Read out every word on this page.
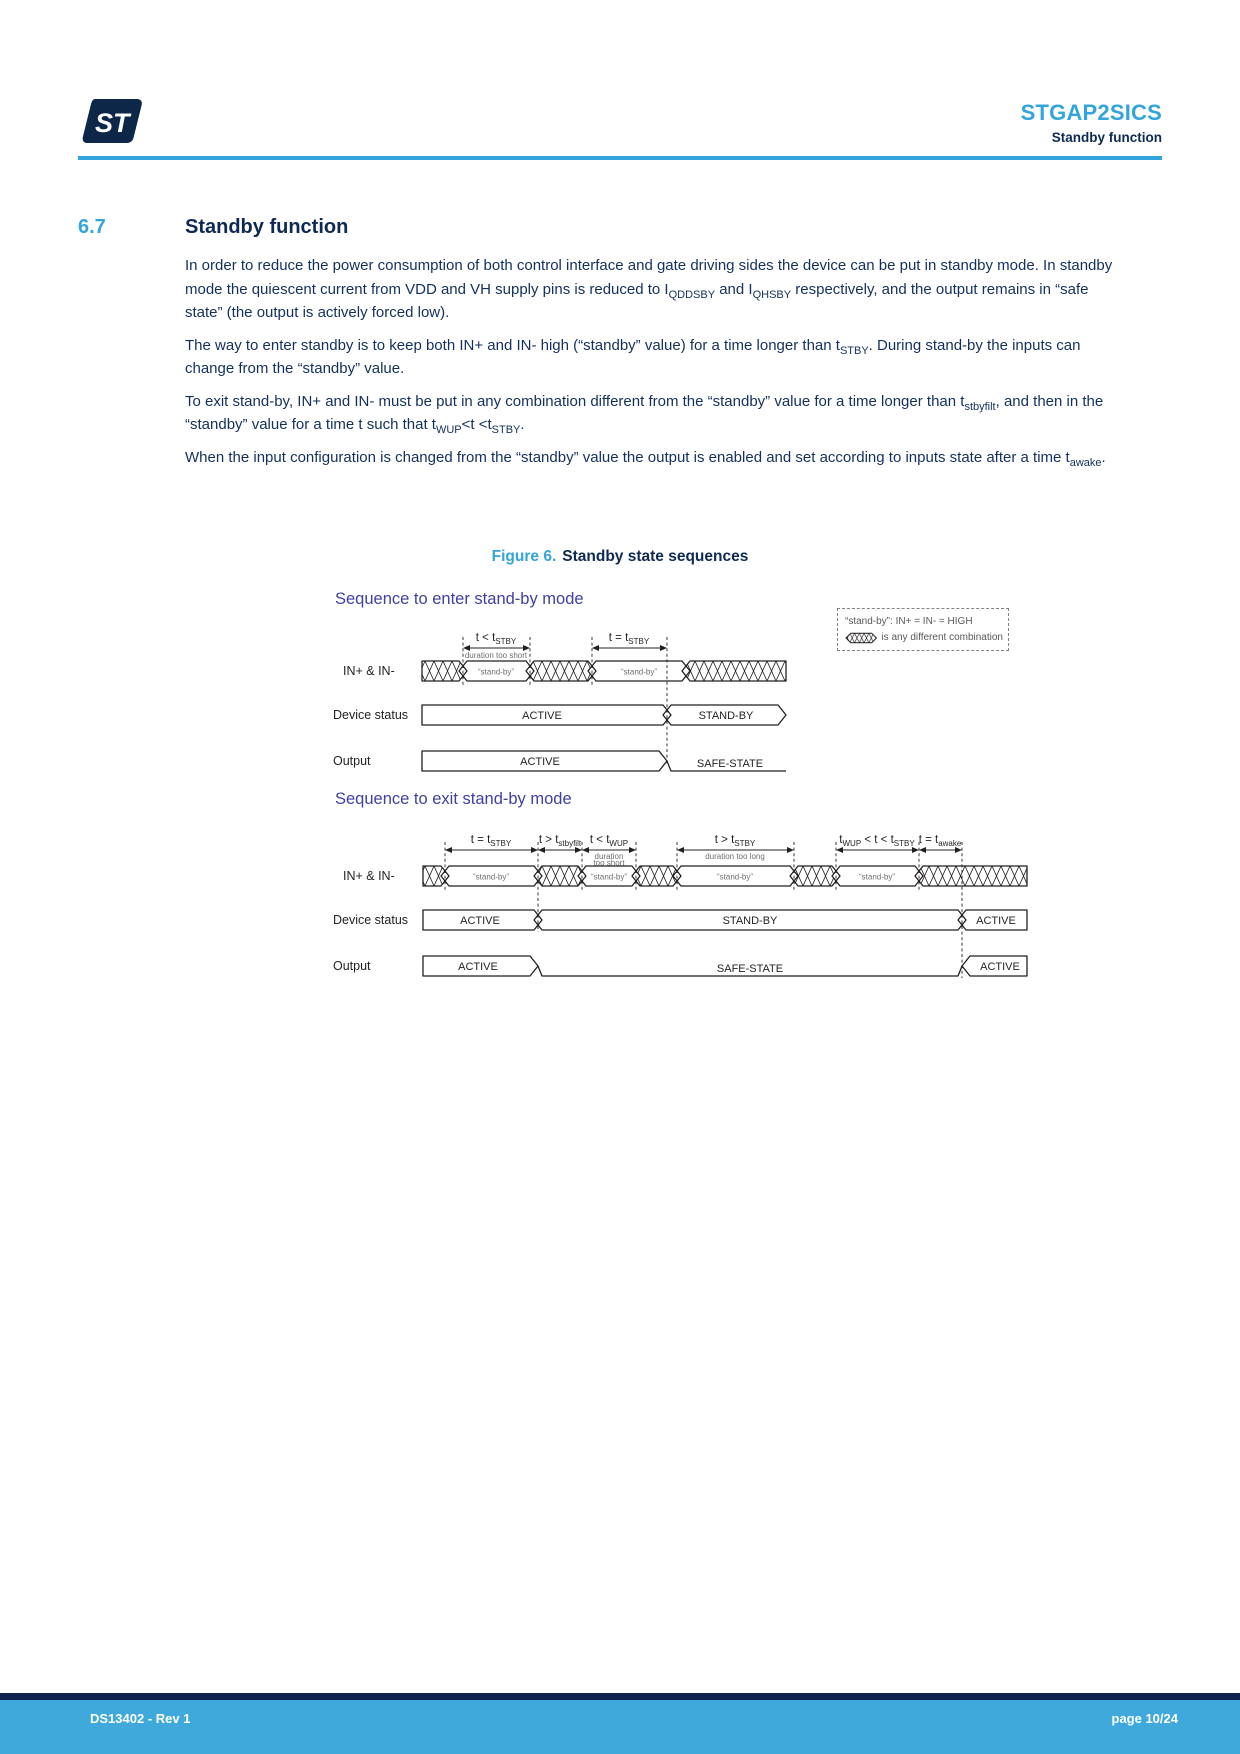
ST	STGAP2SICS
Standby function
6.7	Standby function

In order to reduce the power consumption of both control interface and gate driving sides the device can be put in standby mode. In standby mode the quiescent current from VDD and VH supply pins is reduced to $I_{QDDSBY}$ and $I_{QHSBY}$ respectively, and the output remains in “safe state” (the output is actively forced low).

The way to enter standby is to keep both IN+ and IN- high (“standby” value) for a time longer than $t_{STBY}$. During stand-by the inputs can change from the “standby” value.

To exit stand-by, IN+ and IN- must be put in any combination different from the “standby” value for a time longer than $t_{stbyfilt}$, and then in the “standby” value for a time t such that $t_{WUP}<t <t_{STBY}$.

When the input configuration is changed from the “standby” value the output is enabled and set according to inputs state after a time $t_{awake}$.

Figure 6. Standby state sequences
Sequence to enter stand-by mode
“stand-by”: IN+ = IN- = HIGH
is any different combination
$t < t_{STBY}$
duration too short
$t = t_{STBY}$
IN+ & IN-
Device status
Output
“stand-by”	“stand-by”
ACTIVE	STAND-BY
ACTIVE	SAFE-STATE
Sequence to exit stand-by mode
$t = t_{STBY}$ $t > t_{stbyfilt}$ $t < t_{WUP}$
duration
too short
$t > t_{STBY}$
duration too long
$t_{WUP} < t < t_{STBY}$ $t = t_{awake}$
IN+ & IN-
Device status
Output
“stand-by”	“stand-by”	“stand-by”	“stand-by”
ACTIVE	STAND-BY	ACTIVE
ACTIVE	SAFE-STATE	ACTIVE
DS13402 - Rev 1	page 10/24
